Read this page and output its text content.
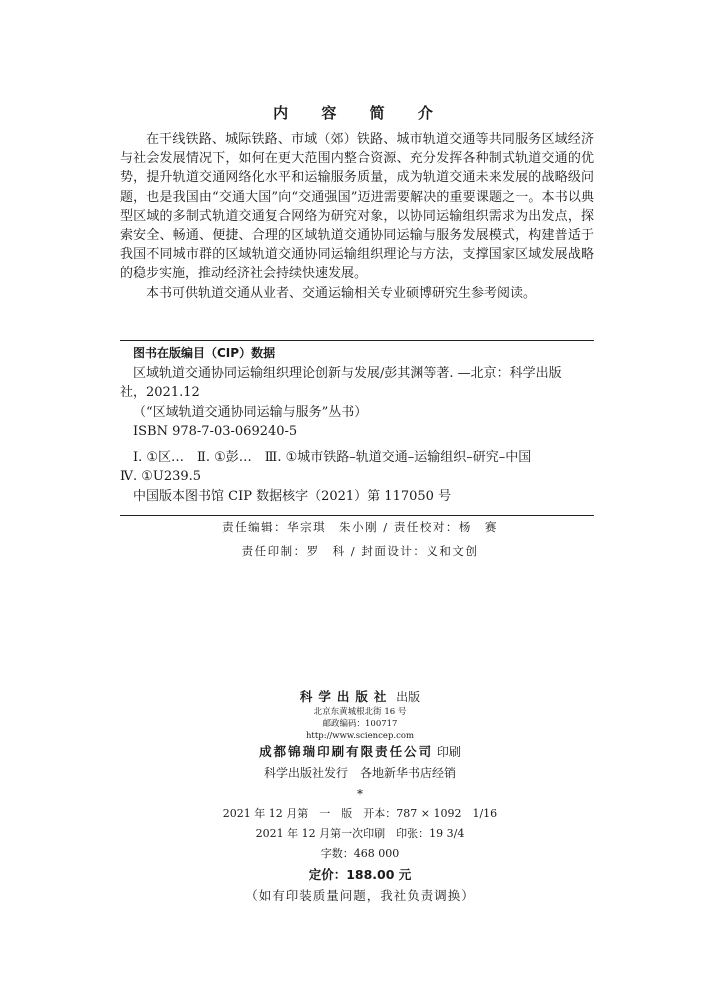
内 容 简 介

在干线铁路、城际铁路、市域（郊）铁路、城市轨道交通等共同服务区域经济与社会发展情况下，如何在更大范围内整合资源、充分发挥各种制式轨道交通的优势，提升轨道交通网络化水平和运输服务质量，成为轨道交通未来发展的战略级问题，也是我国由“交通大国”向“交通强国”迈进需要解决的重要课题之一。本书以典型区域的多制式轨道交通复合网络为研究对象，以协同运输组织需求为出发点，探索安全、畅通、便捷、合理的区域轨道交通协同运输与服务发展模式，构建普适于我国不同城市群的区域轨道交通协同运输组织理论与方法，支撑国家区域发展战略的稳步实施，推动经济社会持续快速发展。

本书可供轨道交通从业者、交通运输相关专业硕博研究生参考阅读。

图书在版编目（CIP）数据

区域轨道交通协同运输组织理论创新与发展/彭其渊等著. —北京：科学出版

社，2021.12

（“区域轨道交通协同运输与服务”丛书）

ISBN 978-7-03-069240-5

Ⅰ. ①区…　Ⅱ. ①彭…　Ⅲ. ①城市铁路–轨道交通–运输组织–研究–中国

Ⅳ. ①U239.5

中国版本图书馆 CIP 数据核字（2021）第 117050 号

责任编辑：华宗琪　朱小刚 / 责任校对：杨　赛
责任印制：罗　科 / 封面设计：义和文创

科学出版社 出版

北京东黄城根北街 16 号

邮政编码：100717

http://www.sciencep.com

成都锦瑞印刷有限责任公司 印刷

科学出版社发行　各地新华书店经销

*

2021 年 12 月第　一　版　开本：787 × 1092　1/16

2021 年 12 月第一次印刷　印张：19 3/4

字数：468 000

定价：188.00 元

（如有印装质量问题，我社负责调换）
